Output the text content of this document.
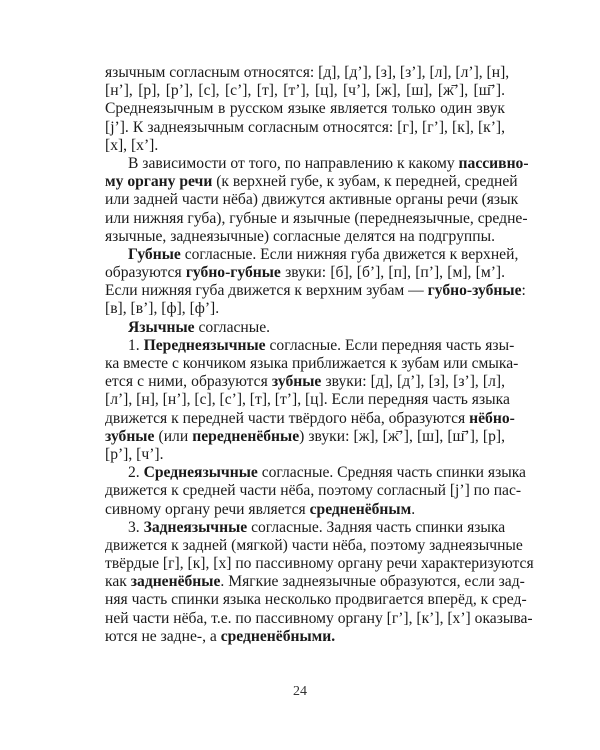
язычным согласным относятся: [д], [д’], [з], [з’], [л], [л’], [н],
[н’], [р], [р’], [с], [с’], [т], [т’], [ц], [ч’], [ж], [ш], [ж̄’], [ш̄’].
Среднеязычным в русском языке является только один звук
[j’]. К заднеязычным согласным относятся: [г], [г’], [к], [к’],
[х], [х’].
В зависимости от того, по направлению к какому пассивно-
му органу речи (к верхней губе, к зубам, к передней, средней
или задней части нёба) движутся активные органы речи (язык
или нижняя губа), губные и язычные (переднеязычные, средне-
язычные, заднеязычные) согласные делятся на подгруппы.
Губные согласные. Если нижняя губа движется к верхней,
образуются губно-губные звуки: [б], [б’], [п], [п’], [м], [м’].
Если нижняя губа движется к верхним зубам — губно-зубные:
[в], [в’], [ф], [ф’].
Язычные согласные.
1. Переднеязычные согласные. Если передняя часть язы-
ка вместе с кончиком языка приближается к зубам или смыка-
ется с ними, образуются зубные звуки: [д], [д’], [з], [з’], [л],
[л’], [н], [н’], [с], [с’], [т], [т’], [ц]. Если передняя часть языка
движется к передней части твёрдого нёба, образуются нёбно-
зубные (или передненёбные) звуки: [ж], [ж̄’], [ш], [ш̄’], [р],
[р’], [ч’].
2. Среднеязычные согласные. Средняя часть спинки языка
движется к средней части нёба, поэтому согласный [j’] по пас-
сивному органу речи является средненёбным.
3. Заднеязычные согласные. Задняя часть спинки языка
движется к задней (мягкой) части нёба, поэтому заднеязычные
твёрдые [г], [к], [х] по пассивному органу речи характеризуются
как задненёбные. Мягкие заднеязычные образуются, если зад-
няя часть спинки языка несколько продвигается вперёд, к сред-
ней части нёба, т.е. по пассивному органу [г’], [к’], [х’] оказыва-
ются не задне-, а средненёбными.
24
